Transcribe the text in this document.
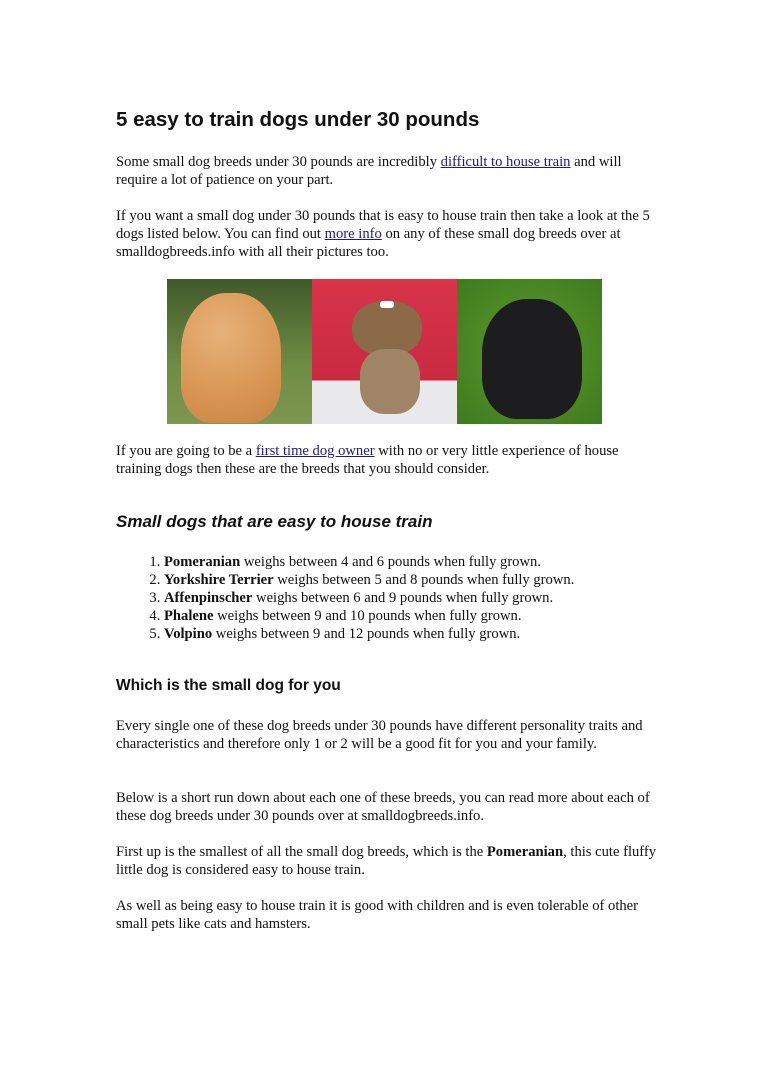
5 easy to train dogs under 30 pounds

Some small dog breeds under 30 pounds are incredibly difficult to house train and will require a lot of patience on your part.

If you want a small dog under 30 pounds that is easy to house train then take a look at the 5 dogs listed below. You can find out more info on any of these small dog breeds over at smalldogbreeds.info with all their pictures too.

If you are going to be a first time dog owner with no or very little experience of house training dogs then these are the breeds that you should consider.

Small dogs that are easy to house train
1. Pomeranian weighs between 4 and 6 pounds when fully grown.
2. Yorkshire Terrier weighs between 5 and 8 pounds when fully grown.
3. Affenpinscher weighs between 6 and 9 pounds when fully grown.
4. Phalene weighs between 9 and 10 pounds when fully grown.
5. Volpino weighs between 9 and 12 pounds when fully grown.
Which is the small dog for you

Every single one of these dog breeds under 30 pounds have different personality traits and characteristics and therefore only 1 or 2 will be a good fit for you and your family.

Below is a short run down about each one of these breeds, you can read more about each of these dog breeds under 30 pounds over at smalldogbreeds.info.

First up is the smallest of all the small dog breeds, which is the Pomeranian, this cute fluffy little dog is considered easy to house train.

As well as being easy to house train it is good with children and is even tolerable of other small pets like cats and hamsters.
